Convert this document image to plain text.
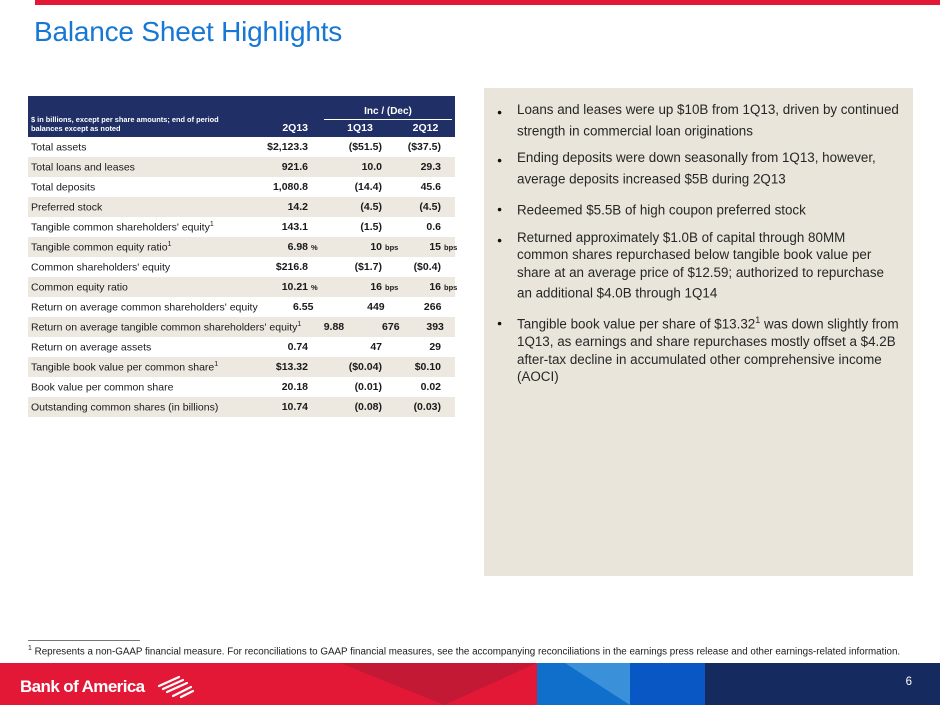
Balance Sheet Highlights
$ in billions, except per share amounts; end of period balances except as noted
Inc / (Dec)
2Q13	1Q13	2Q12
Total assets	$2,123.3	($51.5)	($37.5)
Total loans and leases	921.6	10.0	29.3
Total deposits	1,080.8	(14.4)	45.6
Preferred stock	14.2	(4.5)	(4.5)
Tangible common shareholders' equity$^1$	143.1	(1.5)	0.6
Tangible common equity ratio$^1$	6.98 %	10 bps	15 bps
Common shareholders' equity	$216.8	($1.7)	($0.4)
Common equity ratio	10.21 %	16 bps	16 bps
Return on average common shareholders' equity	6.55	449	266
Return on average tangible common shareholders' equity$^1$	9.88	676	393
Return on average assets	0.74	47	29
Tangible book value per common share$^1$	$13.32	($0.04)	$0.10
Book value per common share	20.18	(0.01)	0.02
Outstanding common shares (in billions)	10.74	(0.08)	(0.03)
● Loans and leases were up $10B from 1Q13, driven by continued strength in commercial loan originations
● Ending deposits were down seasonally from 1Q13, however, average deposits increased $5B during 2Q13
● Redeemed $5.5B of high coupon preferred stock
● Returned approximately $1.0B of capital through 80MM common shares repurchased below tangible book value per share at an average price of $12.59; authorized to repurchase an additional $4.0B through 1Q14
● Tangible book value per share of $13.32$^1$ was down slightly from 1Q13, as earnings and share repurchases mostly offset a $4.2B after-tax decline in accumulated other comprehensive income (AOCI)
$^1$ Represents a non-GAAP financial measure. For reconciliations to GAAP financial measures, see the accompanying reconciliations in the earnings press release and other earnings-related information.
Bank of America	6
